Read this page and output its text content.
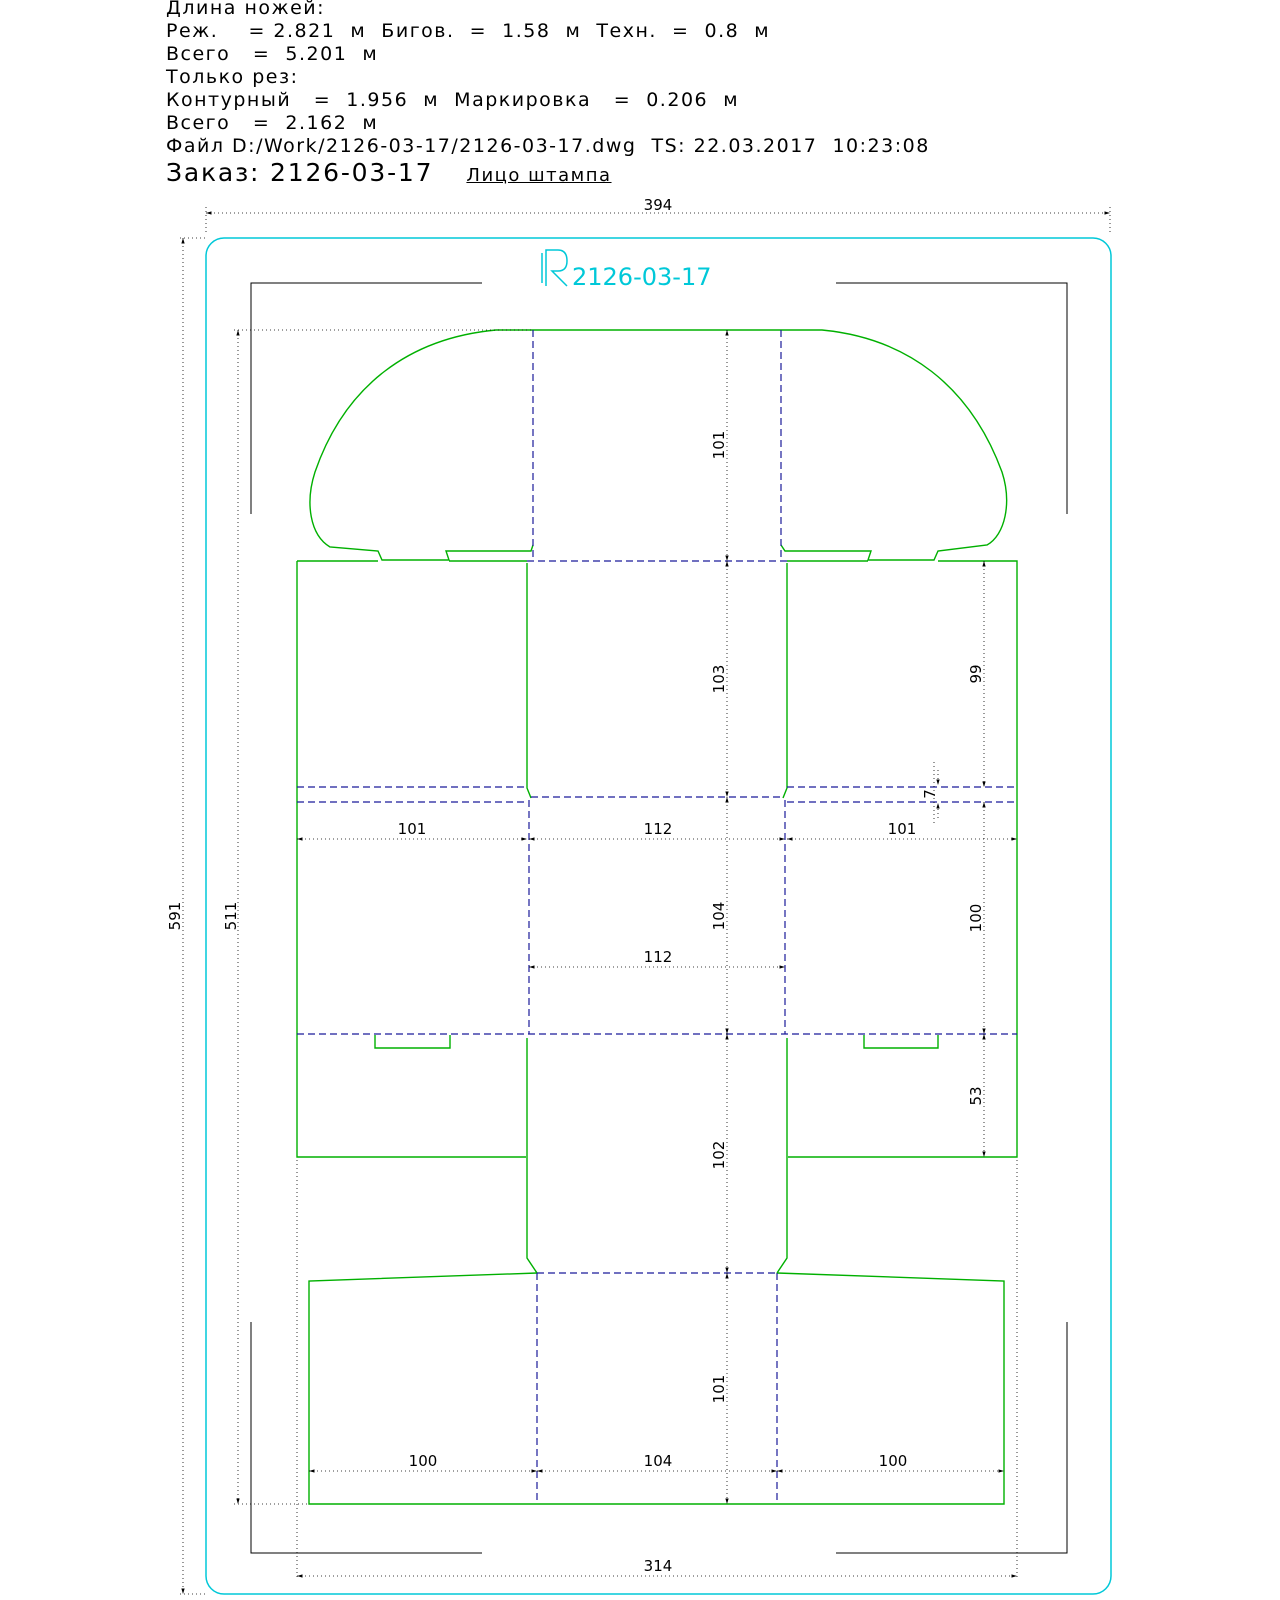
Длина ножей:
Реж.    = 2.821  м  Бигов.  =  1.58  м  Техн.  =  0.8  м
Всего   =  5.201  м
Только рез:
Контурный   =  1.956  м  Маркировка   =  0.206  м
Всего   =  2.162  м
Файл D:/Work/2126-03-17/2126-03-17.dwg  TS: 22.03.2017  10:23:08
Заказ: 2126-03-17 Лицо штампа
2126-03-17
394
591	511
314
101
103	99
7
101	112	101
104
112
100
53
102
101
100	104	100
